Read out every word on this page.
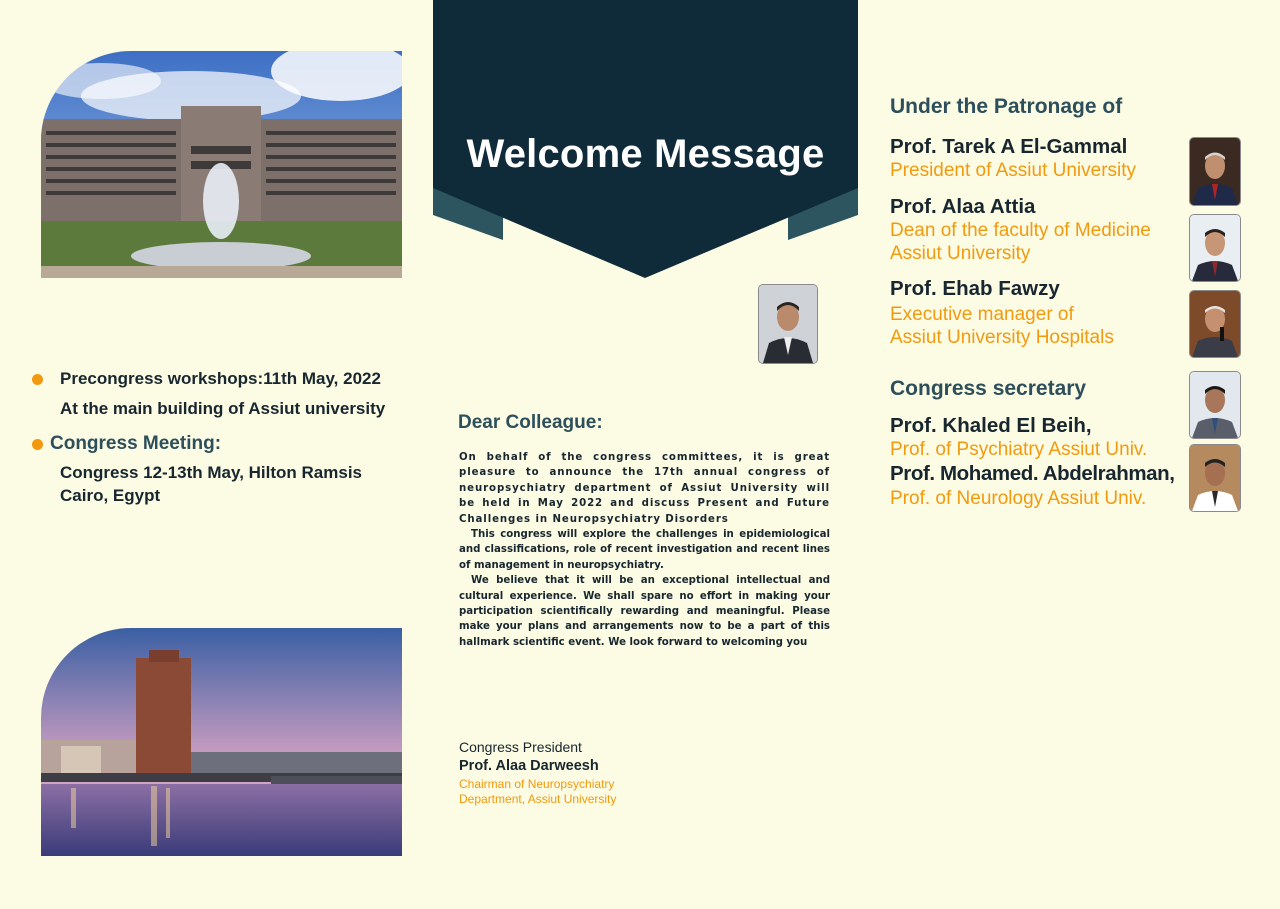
Precongress workshops:11th May, 2022
At the main building of Assiut university
Congress Meeting:
Congress 12-13th May, Hilton Ramsis
Cairo, Egypt
Welcome Message
Dear Colleague:

On behalf of the congress committees, it is great pleasure to announce the 17th annual congress of neuropsychiatry department of Assiut University will be held in May 2022 and discuss Present and Future Challenges in Neuropsychiatry Disorders

This congress will explore the challenges in epidemiological and classifications, role of recent investigation and recent lines of management in neuropsychiatry.

We believe that it will be an exceptional intellectual and cultural experience. We shall spare no effort in making your participation scientifically rewarding and meaningful. Please make your plans and arrangements now to be a part of this hallmark scientific event. We look forward to welcoming you

Congress President
Prof. Alaa Darweesh
Chairman of Neuropsychiatry
Department, Assiut University
Under the Patronage of
Prof. Tarek A El-Gammal
President of Assiut University
Prof. Alaa Attia
Dean of the faculty of Medicine
Assiut University
Prof. Ehab Fawzy
Executive manager of
Assiut University Hospitals
Congress secretary
Prof. Khaled El Beih,
Prof. of Psychiatry Assiut Univ.
Prof. Mohamed. Abdelrahman,
Prof. of Neurology Assiut Univ.
